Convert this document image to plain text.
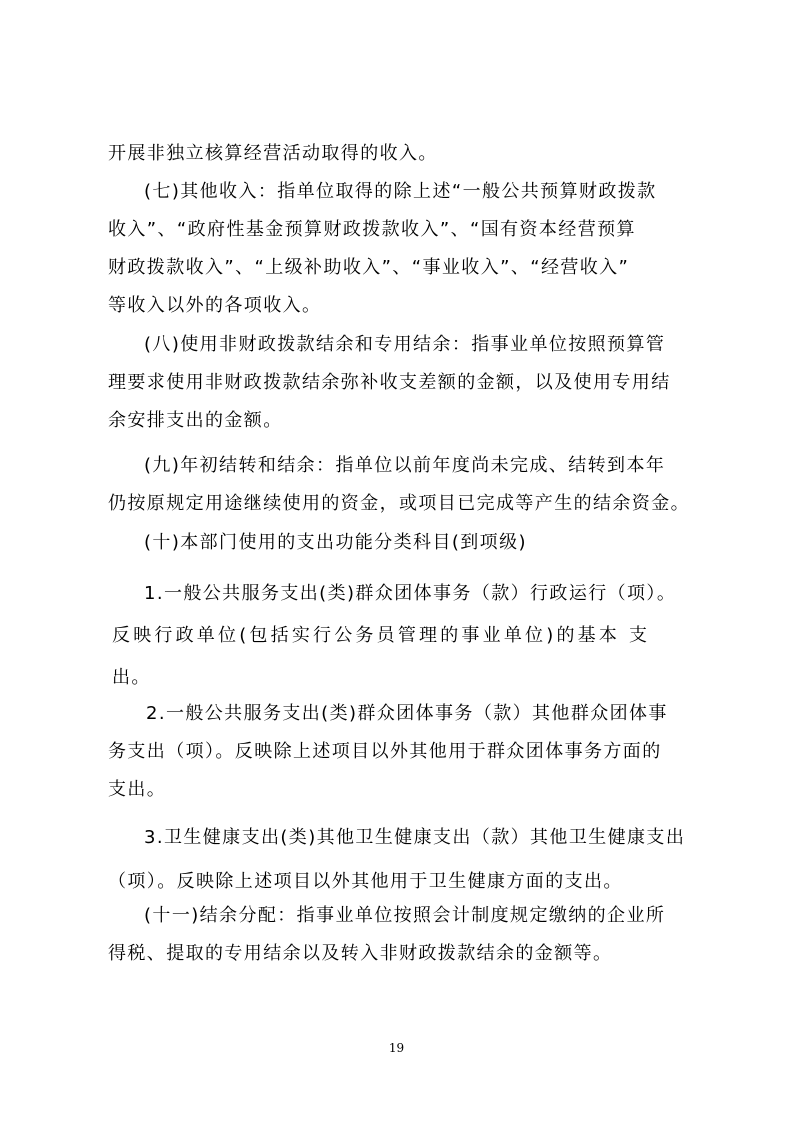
开展非独立核算经营活动取得的收入。

(七)其他收入：指单位取得的除上述“一般公共预算财政拨款

收入”、“政府性基金预算财政拨款收入”、“国有资本经营预算

财政拨款收入”、“上级补助收入”、“事业收入”、“经营收入”

等收入以外的各项收入。

(八)使用非财政拨款结余和专用结余：指事业单位按照预算管

理要求使用非财政拨款结余弥补收支差额的金额，以及使用专用结

余安排支出的金额。

(九)年初结转和结余：指单位以前年度尚未完成、结转到本年

仍按原规定用途继续使用的资金，或项目已完成等产生的结余资金。

(十)本部门使用的支出功能分类科目(到项级)

1.一般公共服务支出(类)群众团体事务（款）行政运行（项）。

反映行政单位(包括实行公务员管理的事业单位)的基本 支

出。

2.一般公共服务支出(类)群众团体事务（款）其他群众团体事

务支出（项）。反映除上述项目以外其他用于群众团体事务方面的

支出。

3.卫生健康支出(类)其他卫生健康支出（款）其他卫生健康支出

（项）。反映除上述项目以外其他用于卫生健康方面的支出。

(十一)结余分配：指事业单位按照会计制度规定缴纳的企业所

得税、提取的专用结余以及转入非财政拨款结余的金额等。

19
